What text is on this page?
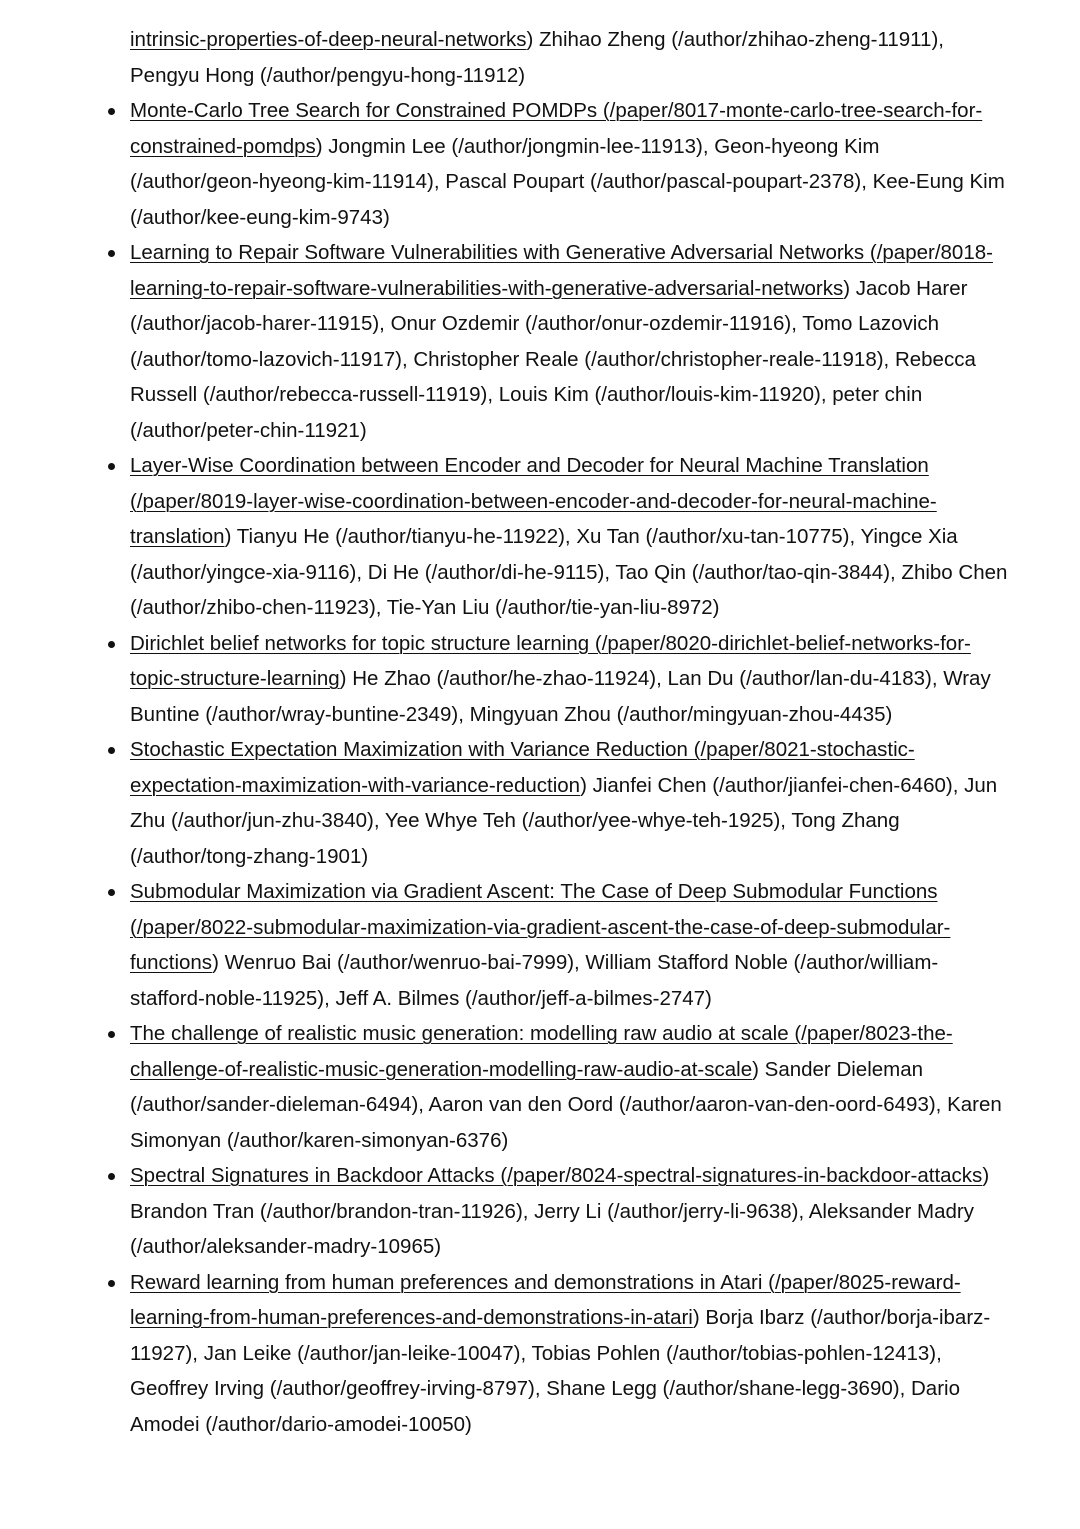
intrinsic-properties-of-deep-neural-networks) Zhihao Zheng (/author/zhihao-zheng-11911), Pengyu Hong (/author/pengyu-hong-11912)

Monte-Carlo Tree Search for Constrained POMDPs (/paper/8017-monte-carlo-tree-search-for-constrained-pomdps) Jongmin Lee (/author/jongmin-lee-11913), Geon-hyeong Kim (/author/geon-hyeong-kim-11914), Pascal Poupart (/author/pascal-poupart-2378), Kee-Eung Kim (/author/kee-eung-kim-9743)
Learning to Repair Software Vulnerabilities with Generative Adversarial Networks (/paper/8018-learning-to-repair-software-vulnerabilities-with-generative-adversarial-networks) Jacob Harer (/author/jacob-harer-11915), Onur Ozdemir (/author/onur-ozdemir-11916), Tomo Lazovich (/author/tomo-lazovich-11917), Christopher Reale (/author/christopher-reale-11918), Rebecca Russell (/author/rebecca-russell-11919), Louis Kim (/author/louis-kim-11920), peter chin (/author/peter-chin-11921)
Layer-Wise Coordination between Encoder and Decoder for Neural Machine Translation (/paper/8019-layer-wise-coordination-between-encoder-and-decoder-for-neural-machine-translation) Tianyu He (/author/tianyu-he-11922), Xu Tan (/author/xu-tan-10775), Yingce Xia (/author/yingce-xia-9116), Di He (/author/di-he-9115), Tao Qin (/author/tao-qin-3844), Zhibo Chen (/author/zhibo-chen-11923), Tie-Yan Liu (/author/tie-yan-liu-8972)
Dirichlet belief networks for topic structure learning (/paper/8020-dirichlet-belief-networks-for-topic-structure-learning) He Zhao (/author/he-zhao-11924), Lan Du (/author/lan-du-4183), Wray Buntine (/author/wray-buntine-2349), Mingyuan Zhou (/author/mingyuan-zhou-4435)
Stochastic Expectation Maximization with Variance Reduction (/paper/8021-stochastic-expectation-maximization-with-variance-reduction) Jianfei Chen (/author/jianfei-chen-6460), Jun Zhu (/author/jun-zhu-3840), Yee Whye Teh (/author/yee-whye-teh-1925), Tong Zhang (/author/tong-zhang-1901)
Submodular Maximization via Gradient Ascent: The Case of Deep Submodular Functions (/paper/8022-submodular-maximization-via-gradient-ascent-the-case-of-deep-submodular-functions) Wenruo Bai (/author/wenruo-bai-7999), William Stafford Noble (/author/william-stafford-noble-11925), Jeff A. Bilmes (/author/jeff-a-bilmes-2747)
The challenge of realistic music generation: modelling raw audio at scale (/paper/8023-the-challenge-of-realistic-music-generation-modelling-raw-audio-at-scale) Sander Dieleman (/author/sander-dieleman-6494), Aaron van den Oord (/author/aaron-van-den-oord-6493), Karen Simonyan (/author/karen-simonyan-6376)
Spectral Signatures in Backdoor Attacks (/paper/8024-spectral-signatures-in-backdoor-attacks) Brandon Tran (/author/brandon-tran-11926), Jerry Li (/author/jerry-li-9638), Aleksander Madry (/author/aleksander-madry-10965)
Reward learning from human preferences and demonstrations in Atari (/paper/8025-reward-learning-from-human-preferences-and-demonstrations-in-atari) Borja Ibarz (/author/borja-ibarz-11927), Jan Leike (/author/jan-leike-10047), Tobias Pohlen (/author/tobias-pohlen-12413), Geoffrey Irving (/author/geoffrey-irving-8797), Shane Legg (/author/shane-legg-3690), Dario Amodei (/author/dario-amodei-10050)
